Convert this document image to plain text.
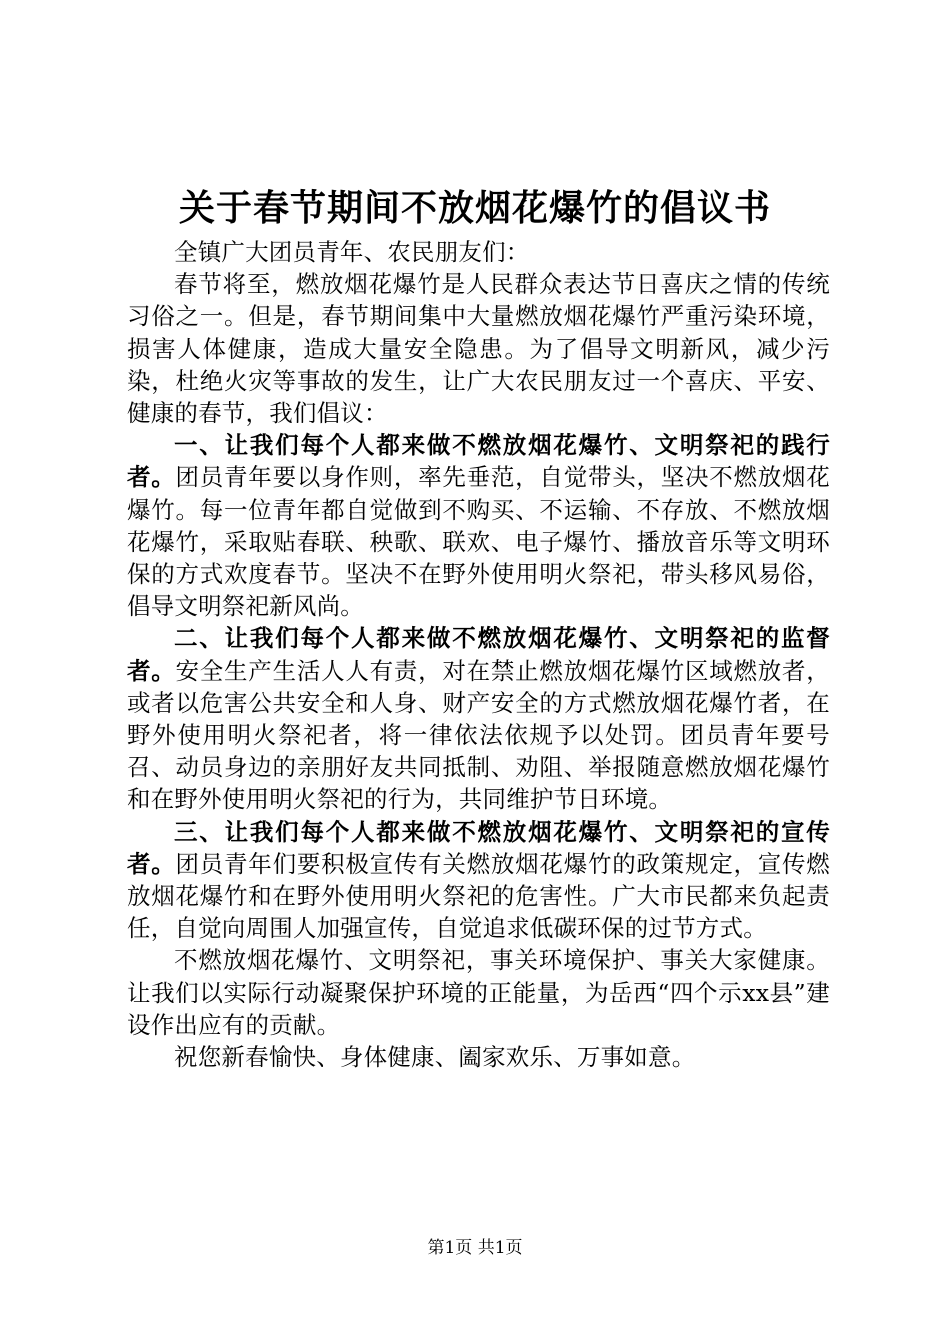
关于春节期间不放烟花爆竹的倡议书

全镇广大团员青年、农民朋友们：

春节将至，燃放烟花爆竹是人民群众表达节日喜庆之情的传统习俗之一。但是，春节期间集中大量燃放烟花爆竹严重污染环境，损害人体健康，造成大量安全隐患。为了倡导文明新风，减少污染，杜绝火灾等事故的发生，让广大农民朋友过一个喜庆、平安、健康的春节，我们倡议：

一、让我们每个人都来做不燃放烟花爆竹、文明祭祀的践行者。团员青年要以身作则，率先垂范，自觉带头，坚决不燃放烟花爆竹。每一位青年都自觉做到不购买、不运输、不存放、不燃放烟花爆竹，采取贴春联、秧歌、联欢、电子爆竹、播放音乐等文明环保的方式欢度春节。坚决不在野外使用明火祭祀，带头移风易俗，倡导文明祭祀新风尚。

二、让我们每个人都来做不燃放烟花爆竹、文明祭祀的监督者。安全生产生活人人有责，对在禁止燃放烟花爆竹区域燃放者，或者以危害公共安全和人身、财产安全的方式燃放烟花爆竹者，在野外使用明火祭祀者，将一律依法依规予以处罚。团员青年要号召、动员身边的亲朋好友共同抵制、劝阻、举报随意燃放烟花爆竹和在野外使用明火祭祀的行为，共同维护节日环境。

三、让我们每个人都来做不燃放烟花爆竹、文明祭祀的宣传者。团员青年们要积极宣传有关燃放烟花爆竹的政策规定，宣传燃放烟花爆竹和在野外使用明火祭祀的危害性。广大市民都来负起责任，自觉向周围人加强宣传，自觉追求低碳环保的过节方式。

不燃放烟花爆竹、文明祭祀，事关环境保护、事关大家健康。让我们以实际行动凝聚保护环境的正能量，为岳西“四个示xx县”建设作出应有的贡献。

祝您新春愉快、身体健康、阖家欢乐、万事如意。

第1页 共1页
